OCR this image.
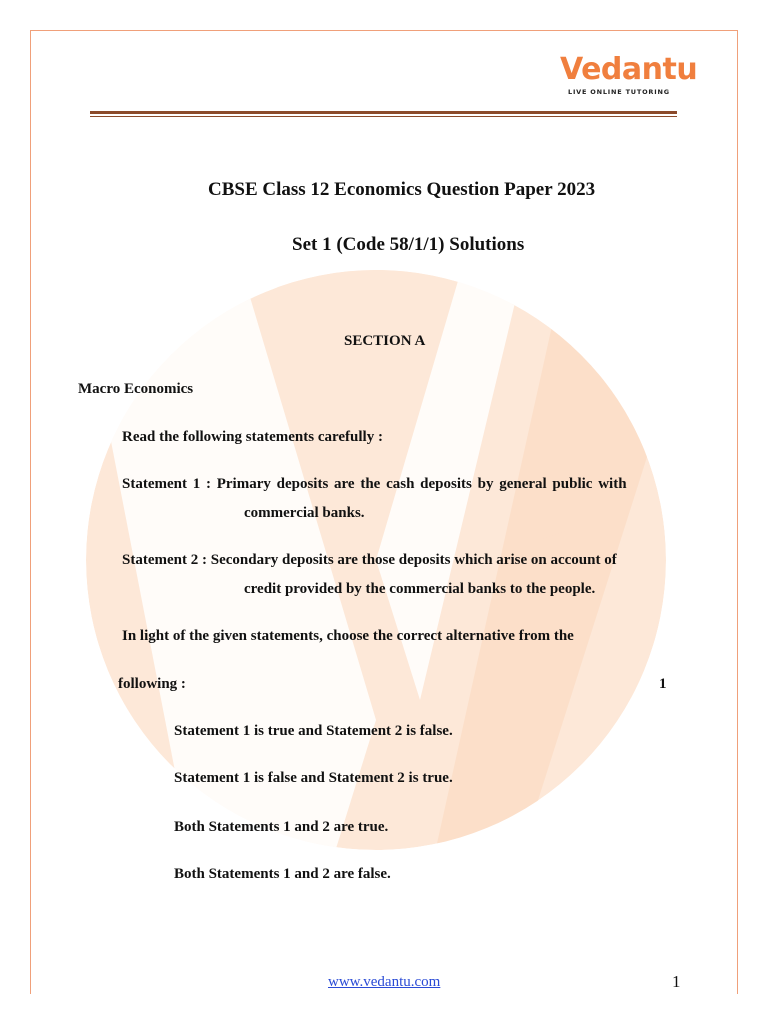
Vedantu
LIVE ONLINE TUTORING
CBSE Class 12 Economics Question Paper 2023
Set 1 (Code 58/1/1) Solutions
SECTION A
Macro Economics
Read the following statements carefully :
Statement 1 : Primary deposits are the cash deposits by general public with
commercial banks.
Statement 2 : Secondary deposits are those deposits which arise on account of
credit provided by the commercial banks to the people.
In light of the given statements, choose the correct alternative from the
following :	1
Statement 1 is true and Statement 2 is false.
Statement 1 is false and Statement 2 is true.
Both Statements 1 and 2 are true.
Both Statements 1 and 2 are false.
www.vedantu.com	1
